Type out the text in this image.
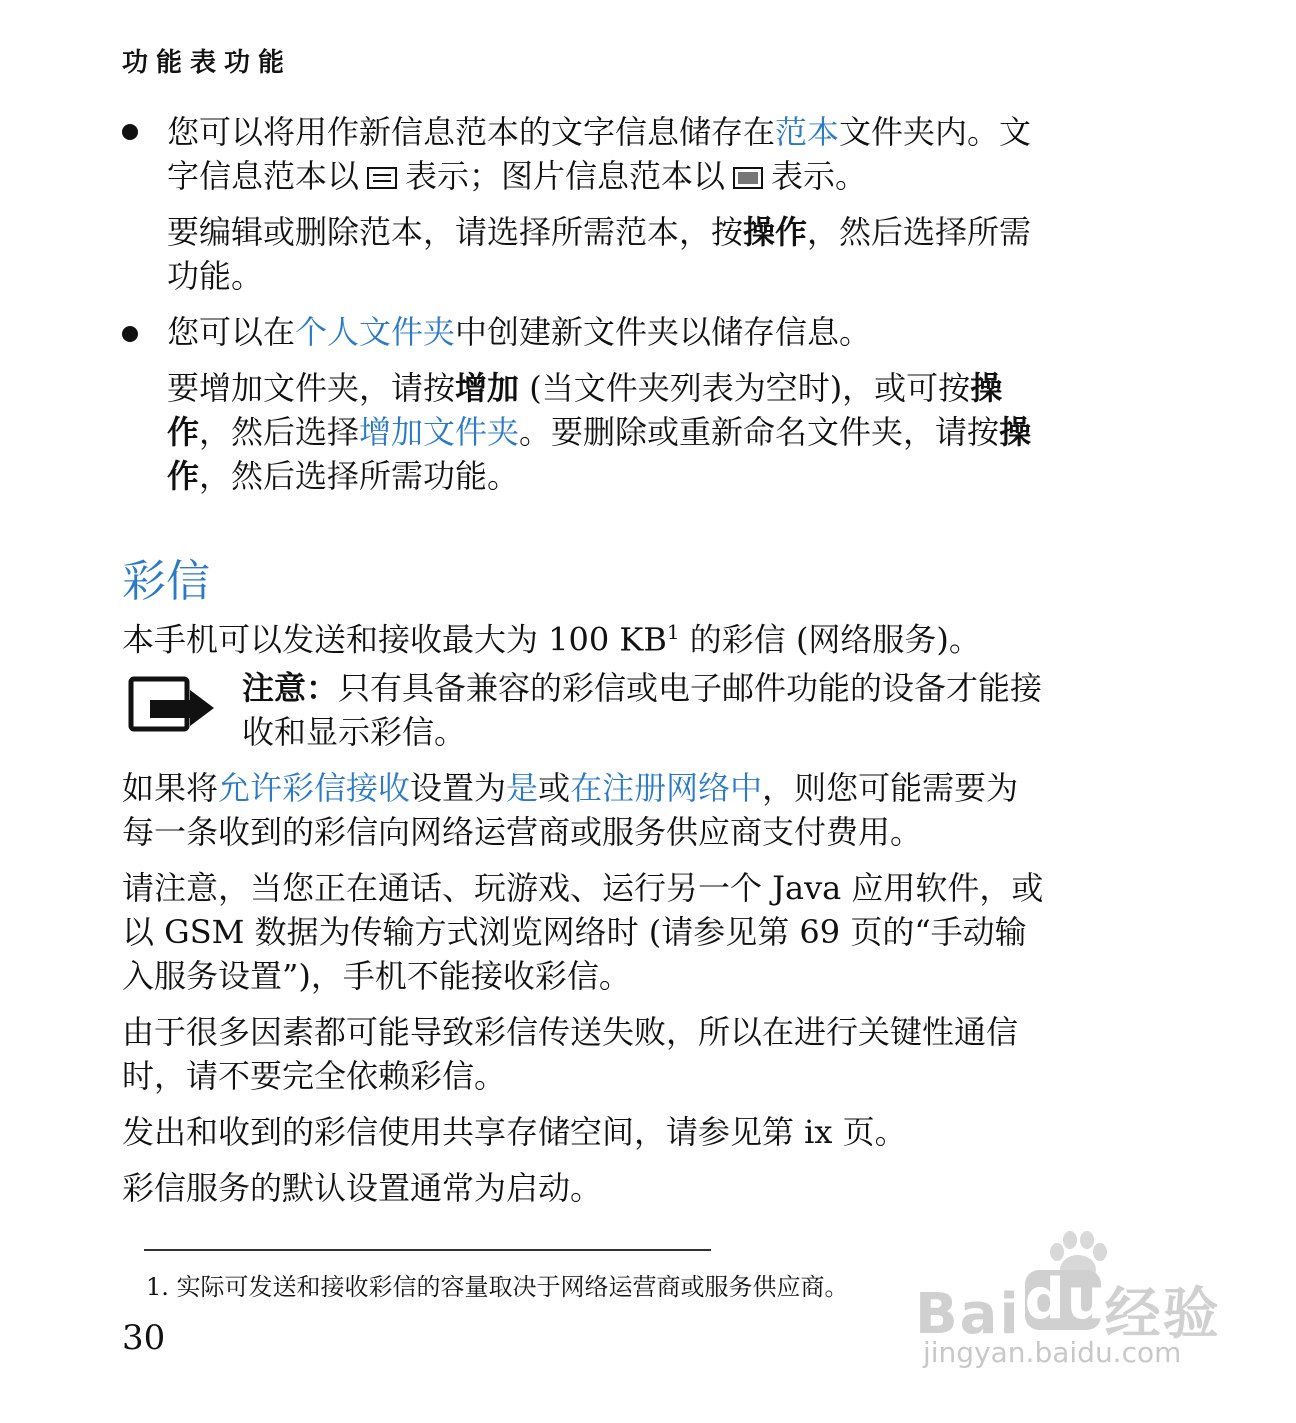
功能表功能

您可以将用作新信息范本的文字信息储存在范本文件夹内。文
字信息范本以 表示；图片信息范本以 表示。

要编辑或删除范本，请选择所需范本，按操作，然后选择所需
功能。

您可以在个人文件夹中创建新文件夹以储存信息。

要增加文件夹，请按增加 (当文件夹列表为空时)，或可按操
作，然后选择增加文件夹。要删除或重新命名文件夹，请按操
作，然后选择所需功能。

彩信

本手机可以发送和接收最大为 100 $KB^1$ 的彩信 (网络服务)。

注意：只有具备兼容的彩信或电子邮件功能的设备才能接
收和显示彩信。

如果将允许彩信接收设置为是或在注册网络中，则您可能需要为
每一条收到的彩信向网络运营商或服务供应商支付费用。

请注意，当您正在通话、玩游戏、运行另一个 Java 应用软件，或
以 GSM 数据为传输方式浏览网络时 (请参见第 69 页的“手动输
入服务设置”)，手机不能接收彩信。

由于很多因素都可能导致彩信传送失败，所以在进行关键性通信
时，请不要完全依赖彩信。

发出和收到的彩信使用共享存储空间，请参见第 ix 页。

彩信服务的默认设置通常为启动。

1. 实际可发送和接收彩信的容量取决于网络运营商或服务供应商。

30	Baidu经验
jingyan.baidu.com
